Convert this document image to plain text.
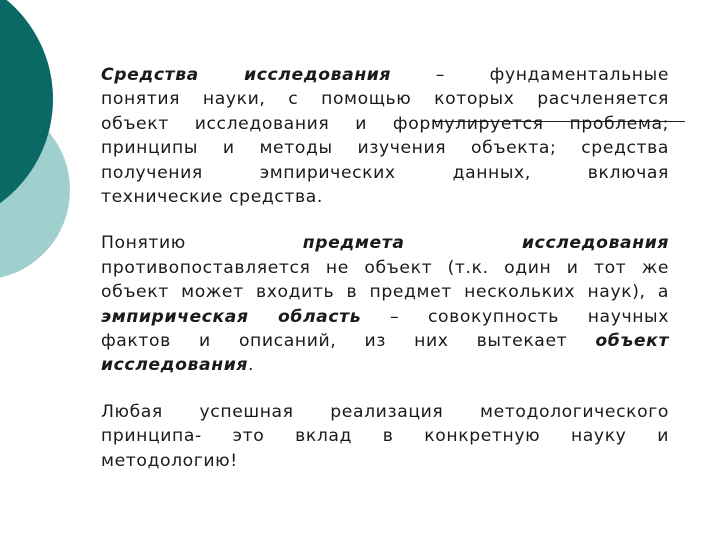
Средства исследования – фундаментальные
понятия науки, с помощью которых расчленяется
объект исследования и формулируется проблема;
принципы и методы изучения объекта; средства
получения эмпирических данных, включая
технические средства.
Понятию предмета исследования
противопоставляется не объект (т.к. один и тот же
объект может входить в предмет нескольких наук), а
эмпирическая область – совокупность научных
фактов и описаний, из них вытекает объект
исследования.
Любая успешная реализация методологического
принципа- это вклад в конкретную науку и
методологию!
